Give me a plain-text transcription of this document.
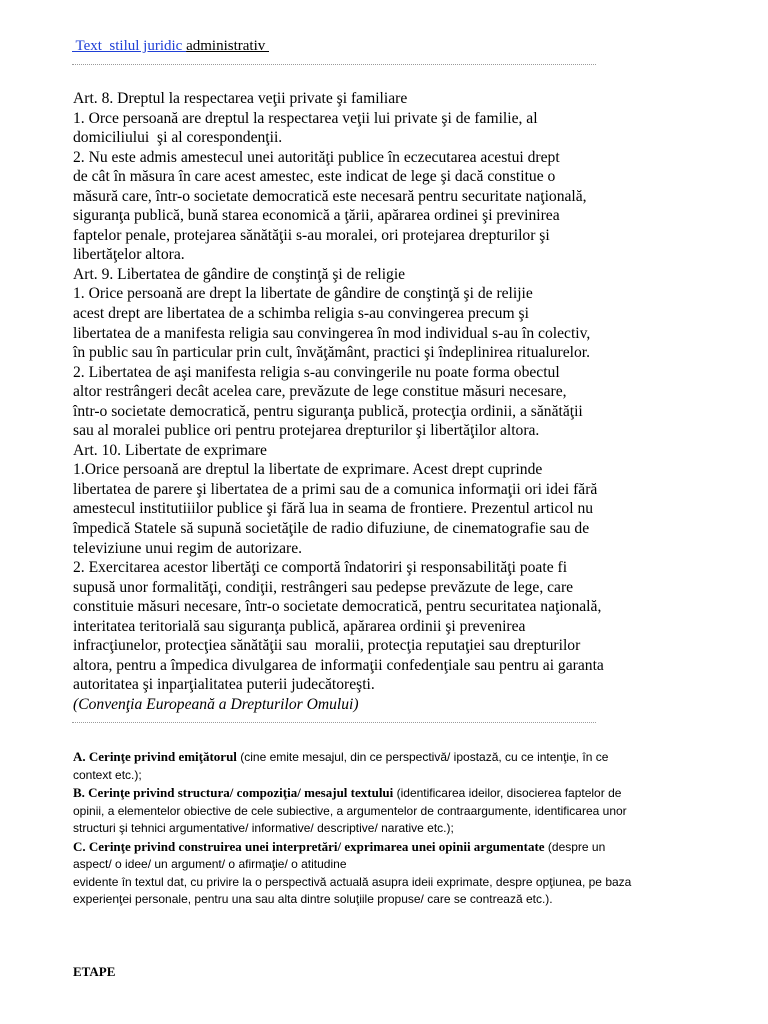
Text  stilul juridic administrativ
Art. 8. Dreptul la respectarea veţii private şi familiare
1. Orce persoană are dreptul la respectarea veţii lui private şi de familie, al
domiciliului  şi al corespondenţii.
2. Nu este admis amestecul unei autorităţi publice în eczecutarea acestui drept
de cât în măsura în care acest amestec, este indicat de lege şi dacă constitue o
măsură care, într-o societate democratică este necesară pentru securitate naţională,
siguranţa publică, bună starea economică a ţării, apărarea ordinei şi previnirea
faptelor penale, protejarea sănătăţii s-au moralei, ori protejarea drepturilor şi
libertăţelor altora.
Art. 9. Libertatea de gândire de conştinţă şi de religie
1. Orice persoană are drept la libertate de gândire de conştinţă şi de relijie
acest drept are libertatea de a schimba religia s-au convingerea precum şi
libertatea de a manifesta religia sau convingerea în mod individual s-au în colectiv,
în public sau în particular prin cult, învăţământ, practici şi îndeplinirea ritualurelor.
2. Libertatea de aşi manifesta religia s-au convingerile nu poate forma obectul
altor restrângeri decât acelea care, prevăzute de lege constitue măsuri necesare,
într-o societate democratică, pentru siguranţa publică, protecţia ordinii, a sănătăţii
sau al moralei publice ori pentru protejarea drepturilor şi libertăţilor altora.
Art. 10. Libertate de exprimare
1.Orice persoană are dreptul la libertate de exprimare. Acest drept cuprinde
libertatea de parere şi libertatea de a primi sau de a comunica informaţii ori idei fără
amestecul institutiiilor publice şi fără lua in seama de frontiere. Prezentul articol nu
împedică Statele să supună societăţile de radio difuziune, de cinematografie sau de
televiziune unui regim de autorizare.
2. Exercitarea acestor libertăţi ce comportă îndatoriri şi responsabilităţi poate fi
supusă unor formalităţi, condiţii, restrângeri sau pedepse prevăzute de lege, care
constituie măsuri necesare, într-o societate democratică, pentru securitatea naţională,
interitatea teritorială sau siguranţa publică, apărarea ordinii şi prevenirea
infracţiunelor, protecţiea sănătăţii sau  moralii, protecţia reputaţiei sau drepturilor
altora, pentru a împedica divulgarea de informaţii confedenţiale sau pentru ai garanta
autoritatea şi inparţialitatea puterii judecătoreşti.
(Convenţia Europeană a Drepturilor Omului)
A. Cerinţe privind emiţătorul (cine emite mesajul, din ce perspectivă/ ipostază, cu ce intenţie, în ce
context etc.);
B. Cerinţe privind structura/ compoziţia/ mesajul textului (identificarea ideilor, disocierea faptelor de
opinii, a elementelor obiective de cele subiective, a argumentelor de contraargumente, identificarea unor
structuri şi tehnici argumentative/ informative/ descriptive/ narative etc.);
C. Cerinţe privind construirea unei interpretări/ exprimarea unei opinii argumentate (despre un
aspect/ o idee/ un argument/ o afirmaţie/ o atitudine
evidente în textul dat, cu privire la o perspectivă actuală asupra ideii exprimate, despre opţiunea, pe baza
experienţei personale, pentru una sau alta dintre soluţiile propuse/ care se contrează etc.).
ETAPE
